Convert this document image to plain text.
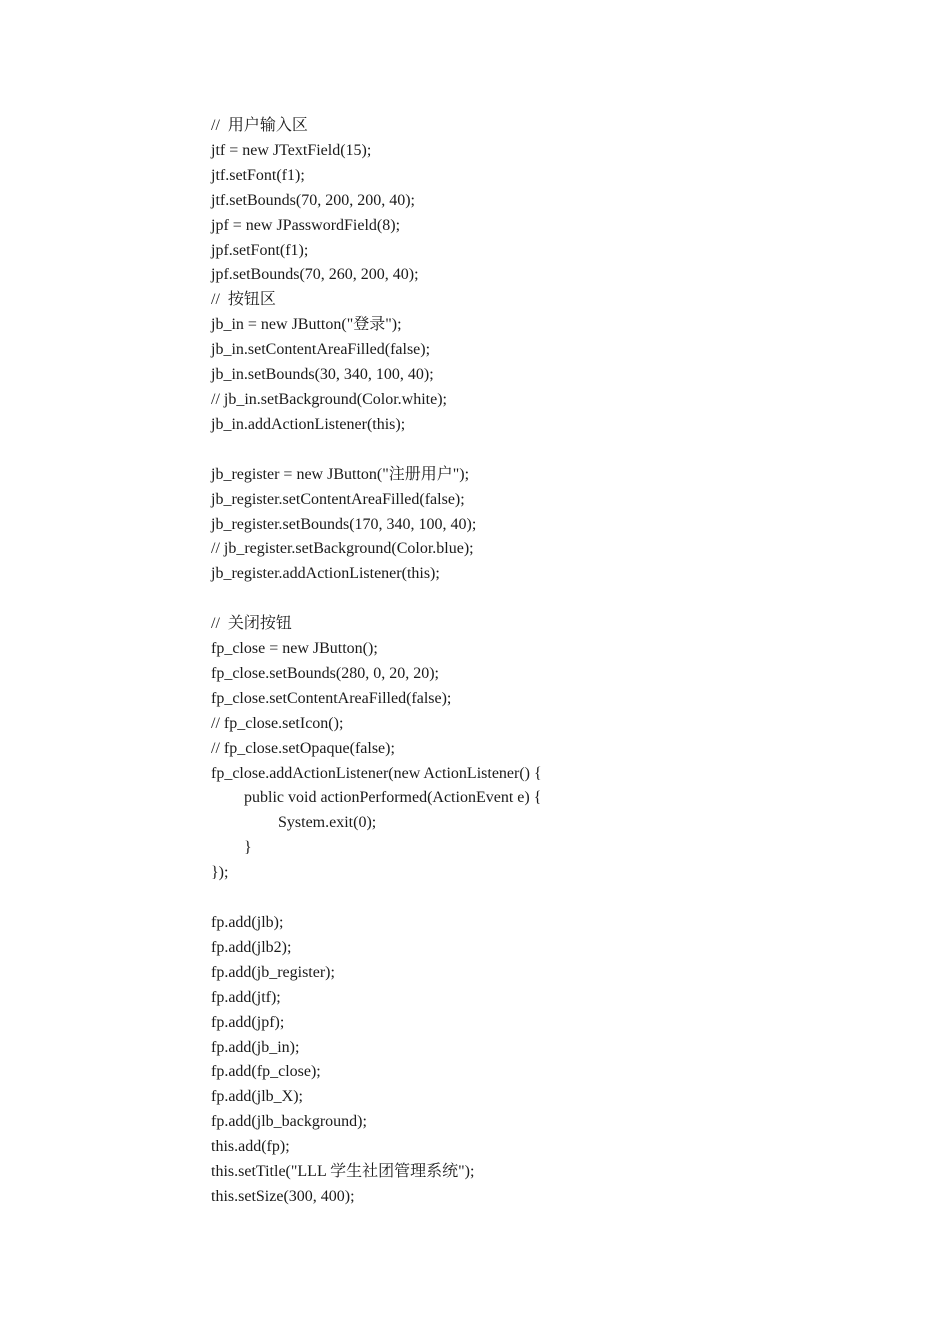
//  用户输入区
jtf = new JTextField(15);
jtf.setFont(f1);
jtf.setBounds(70, 200, 200, 40);
jpf = new JPasswordField(8);
jpf.setFont(f1);
jpf.setBounds(70, 260, 200, 40);
//  按钮区
jb_in = new JButton("登录");
jb_in.setContentAreaFilled(false);
jb_in.setBounds(30, 340, 100, 40);
// jb_in.setBackground(Color.white);
jb_in.addActionListener(this);
jb_register = new JButton("注册用户");
jb_register.setContentAreaFilled(false);
jb_register.setBounds(170, 340, 100, 40);
// jb_register.setBackground(Color.blue);
jb_register.addActionListener(this);
//  关闭按钮
fp_close = new JButton();
fp_close.setBounds(280, 0, 20, 20);
fp_close.setContentAreaFilled(false);
// fp_close.setIcon();
// fp_close.setOpaque(false);
fp_close.addActionListener(new ActionListener() {
public void actionPerformed(ActionEvent e) {
System.exit(0);
}
});
fp.add(jlb);
fp.add(jlb2);
fp.add(jb_register);
fp.add(jtf);
fp.add(jpf);
fp.add(jb_in);
fp.add(fp_close);
fp.add(jlb_X);
fp.add(jlb_background);
this.add(fp);
this.setTitle("LLL 学生社团管理系统");
this.setSize(300, 400);
